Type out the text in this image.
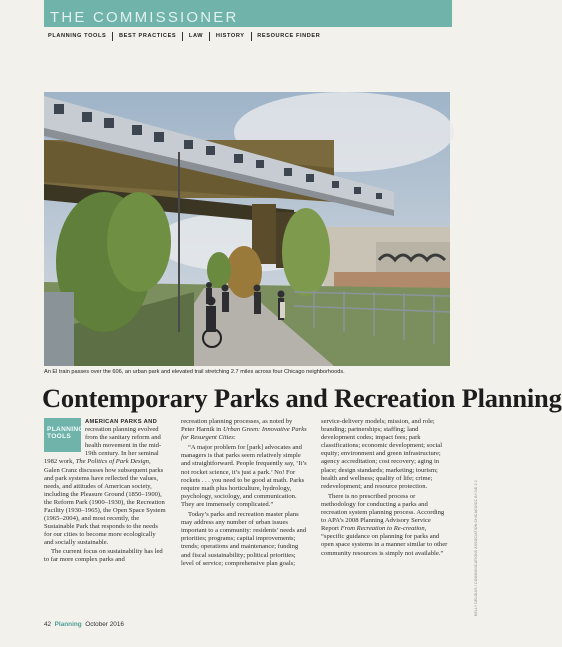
THE COMMISSIONER
PLANNING TOOLS	BEST PRACTICES	LAW	HISTORY	RESOURCE FINDER
An El train passes over the 606, an urban park and elevated trail stretching 2.7 miles across four Chicago neighborhoods.
Contemporary Parks and Recreation Planning
PLANNING
TOOLS

AMERICAN PARKS AND recreation planning evolved from the sanitary reform and health movement in the mid-19th century. In her seminal 1982 work, The Politics of Park Design, Galen Cranz discusses how subsequent parks and park systems have reflected the values, needs, and attitudes of American society, including the Pleasure Ground (1850–1900), the Reform Park (1900–1930), the Recreation Facility (1930–1965), the Open Space System (1965–2004), and most recently, the Sustainable Park that responds to the needs for our cities to become more ecologically and socially sustainable.

The current focus on sustainability has led to far more complex parks and

recreation planning processes, as noted by Peter Harnik in Urban Green: Innovative Parks for Resurgent Cities:

“A major problem for [park] advocates and managers is that parks seem relatively simple and straightforward. People frequently say, ‘It’s not rocket science, it’s just a park.’ No! For rockets . . . you need to be good at math. Parks require math plus horticulture, hydrology, psychology, sociology, and communication. They are immensely complicated.”

Today’s parks and recreation master plans may address any number of urban issues important to a community: residents’ needs and priorities; programs; capital improvements; trends; operations and maintenance; funding and fiscal sustainability; political priorities; level of service; comprehensive plan goals;

service-delivery models; mission, and role; branding; partnerships; staffing; land development codes; impact fees; park classifications; economic development; social equity; environment and green infrastructure; agency accreditation; cost recovery; aging in place; design standards; marketing; tourism; health and wellness; quality of life; crime; redevelopment; and resource protection.

There is no prescribed process or methodology for conducting a parks and recreation system planning process. According to APA’s 2008 Planning Advisory Service Report From Recreation to Re-creation, “specific guidance on planning for parks and open space systems in a manner similar to other community resources is simply not available.”

42 Planning October 2016
KELLY DELOUIS / COMMUNICATIONS ASSOCIATION CHICAGO/CC BY-ND 2.0
